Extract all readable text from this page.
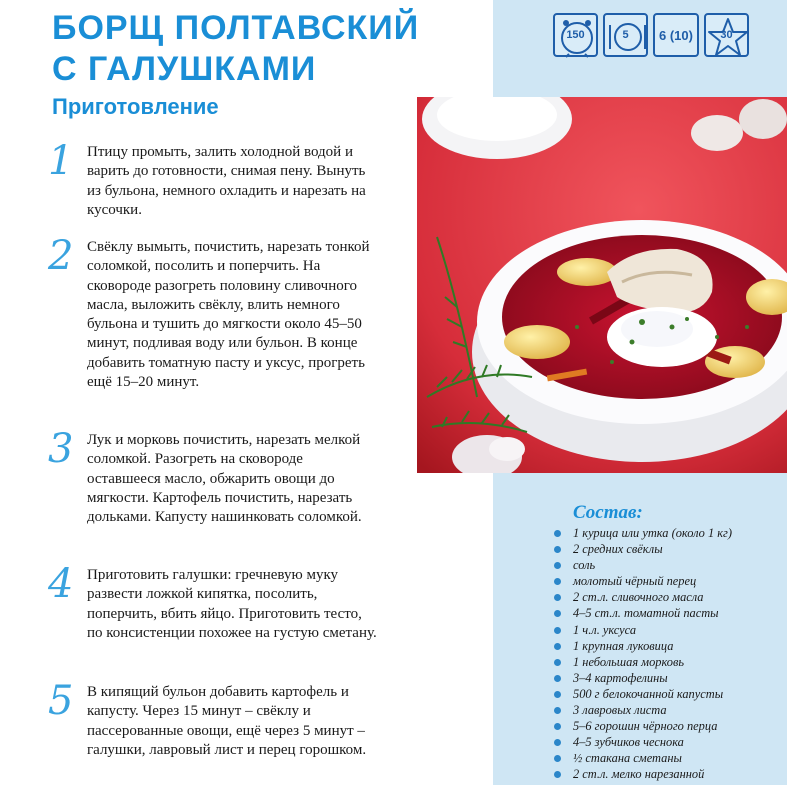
БОРЩ ПОЛТАВСКИЙ
С ГАЛУШКАМИ
Приготовление
1 Птицу промыть, залить холодной водой и варить до готовности, снимая пену. Вынуть из бульона, немного охладить и нарезать на кусочки.
2 Свёклу вымыть, почистить, нарезать тонкой соломкой, посолить и поперчить. На сковороде разогреть половину сливочного масла, выложить свёклу, влить немного бульона и тушить до мягкости около 45–50 минут, подливая воду или бульон. В конце добавить томатную пасту и уксус, прогреть ещё 15–20 минут.
3 Лук и морковь почистить, нарезать мелкой соломкой. Разогреть на сковороде оставшееся масло, обжарить овощи до мягкости. Картофель почистить, нарезать дольками. Капусту нашинковать соломкой.
4 Приготовить галушки: гречневую муку развести ложкой кипятка, посолить, поперчить, вбить яйцо. Приготовить тесто, по консистенции похожее на густую сметану.
5 В кипящий бульон добавить картофель и капусту. Через 15 минут – свёклу и пассерованные овощи, ещё через 5 минут – галушки, лавровый лист и перец горошком.
150	5 6 (10) 30
Состав:
1 курица или утка (около 1 кг)
2 средних свёклы
соль
молотый чёрный перец
2 ст.л. сливочного масла
4–5 ст.л. томатной пасты
1 ч.л. уксуса
1 крупная луковица
1 небольшая морковь
3–4 картофелины
500 г белокочанной капусты
3 лавровых листа
5–6 горошин чёрного перца
4–5 зубчиков чеснока
½ стакана сметаны
2 ст.л. мелко нарезанной
